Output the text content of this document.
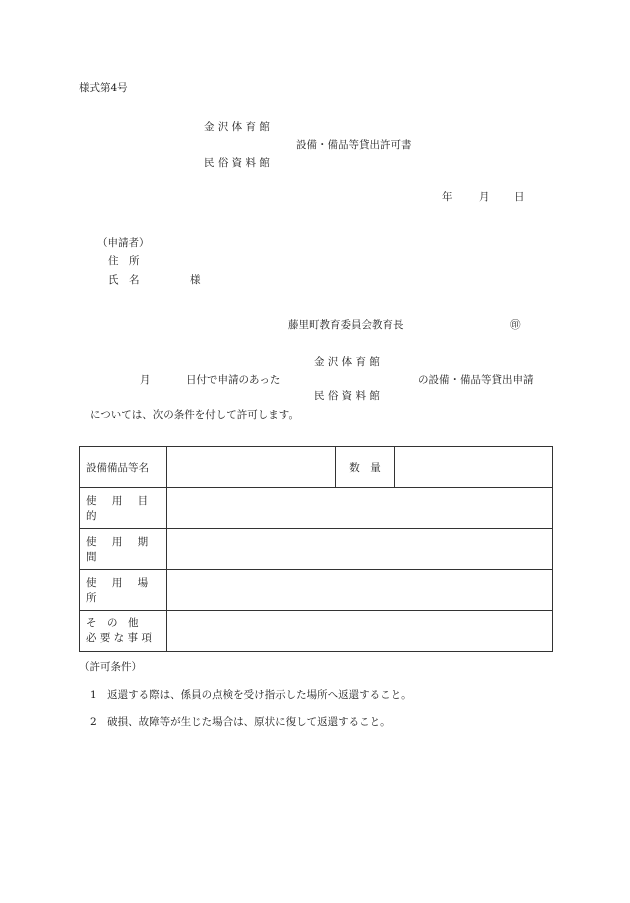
様式第4号
金 沢 体 育 館
設備・備品等貸出許可書
民 俗 資 料 館
年	月 日
（申請者）
住　所
氏　名	様
藤里町教育委員会教育長	㊞
金 沢 体 育 館
月	日付で申請のあった	の設備・備品等貸出申請
民 俗 資 料 館
については、次の条件を付して許可します。
設備備品等名		数　量	
使 用 目 的			
使 用 期 間			
使 用 場 所			

そ　の　他
必 要 な 事 項			

（許可条件）
1　返還する際は、係員の点検を受け指示した場所へ返還すること。
2　破損、故障等が生じた場合は、原状に復して返還すること。
